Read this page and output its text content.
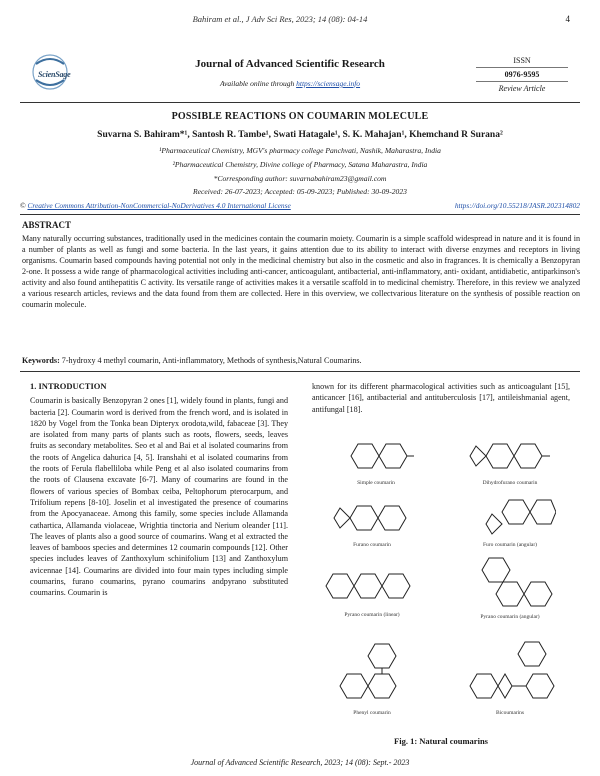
Bahiram et al., J Adv Sci Res, 2023; 14 (08): 04-14	4
ScienSage
Journal of Advanced Scientific Research
Available online through https://sciensage.info
ISSN
0976-9595
Review Article
POSSIBLE REACTIONS ON COUMARIN MOLECULE
Suvarna S. Bahiram*¹, Santosh R. Tambe¹, Swati Hatagale¹, S. K. Mahajan¹, Khemchand R Surana²
¹Pharmaceutical Chemistry, MGV's pharmacy college Panchvati, Nashik, Maharastra, India
²Pharmaceutical Chemistry, Divine college of Pharmacy, Satana Maharastra, India
*Corresponding author: suvarnabahiram23@gmail.com
Received: 26-07-2023; Accepted: 05-09-2023; Published: 30-09-2023
© Creative Commons Attribution-NonCommercial-NoDerivatives 4.0 International License	https://doi.org/10.55218/JASR.202314802
ABSTRACT
Many naturally occurring substances, traditionally used in the medicines contain the coumarin moiety. Coumarin is a simple scaffold widespread in nature and it is found in a number of plants as well as fungi and some bacteria. In the last years, it gains attention due to its ability to interact with diverse enzymes and receptors in living organisms. Coumarin based compounds having potential not only in the medicinal chemistry but also in the cosmetic and also in fragrances. It is chemically a Benzopyran 2-one. It possess a wide range of pharmacological activities including anti-cancer, anticoagulant, antibacterial, anti-inflammatory, anti- oxidant, antidiabetic, antiparkinson's activity and also found antihepatitis C activity. Its versatile range of activities makes it a versatile scaffold in to medicinal chemistry. Therefore, in this review we analyzed a various research articles, reviews and the data found from them are collected. Here in this overview, we collectvarious literature on the synthesis of possible reaction on coumarin molecule.
Keywords: 7-hydroxy 4 methyl coumarin, Anti-inflammatory, Methods of synthesis,Natural Coumarins.
1. INTRODUCTION

Coumarin is basically Benzopyran 2 ones [1], widely found in plants, fungi and bacteria [2]. Coumarin word is derived from the french word, and is isolated in 1820 by Vogel from the Tonka bean Dipteryx orodota,wild, fabaceae [3]. They are isolated from many parts of plants such as roots, flowers, seeds, leaves fruits as secondary metabolites. Seo et al and Bai et al isolated coumarins from the roots of Angelica dahurica [4, 5]. Iranshahi et al isolated coumarins from the roots of Ferula flabelliloba while Peng et al also isolated coumarins from the roots of Clausena excavate [6-7]. Many of coumarins are found in the flowers of various species of Bombax ceiba, Peltophorum pterocarpum, and Trifolium repens [8-10]. Joselin et al investigated the presence of coumarins from the Apocyanaceae. Among this family, some species include Allamanda cathartica, Allamanda violaceae, Wrightia tinctoria and Nerium oleander [11]. The leaves of plants also a good source of coumarins. Wang et al extracted the leaves of bamboos species and determines 12 coumarin compounds [12]. Other species includes leaves of Zanthoxylum schinifolium [13] and Zanthoxylum avicennae [14]. Coumarins are divided into four main types including simple coumarins, furano coumarins, pyrano coumarins andpyrano substituted coumarins. Coumarin is

known for its different pharmacological activities such as anticoagulant [15], anticancer [16], antibacterial and antituberculosis [17], antileishmanial agent, antifungal [18].

Simple coumarin	Dihydrofurano coumarin
Furano coumarin	Furo coumarin (angular)
Pyrano coumarin (linear)	Pyrano coumarin (angular)
Phenyl coumarin	Bicoumarins
Fig. 1: Natural coumarins
Journal of Advanced Scientific Research, 2023; 14 (08): Sept.- 2023
